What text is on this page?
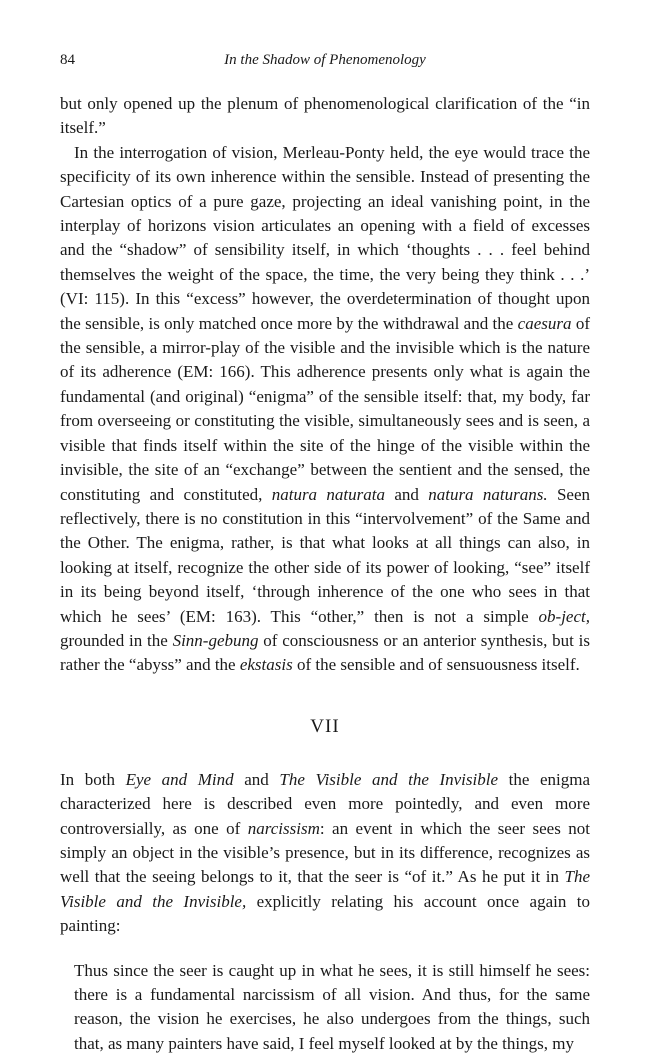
84	In the Shadow of Phenomenology

but only opened up the plenum of phenomenological clarification of the “in itself.”

In the interrogation of vision, Merleau-Ponty held, the eye would trace the specificity of its own inherence within the sensible. Instead of presenting the Cartesian optics of a pure gaze, projecting an ideal vanishing point, in the interplay of horizons vision articulates an opening with a field of excesses and the “shadow” of sensibility itself, in which ‘thoughts . . . feel behind themselves the weight of the space, the time, the very being they think . . .’ (VI: 115). In this “excess” however, the overdetermination of thought upon the sensible, is only matched once more by the withdrawal and the caesura of the sensible, a mirror-play of the visible and the invisible which is the nature of its adherence (EM: 166). This adherence presents only what is again the fundamental (and original) “enigma” of the sensible itself: that, my body, far from overseeing or constituting the visible, simultaneously sees and is seen, a visible that finds itself within the site of the hinge of the visible within the invisible, the site of an “exchange” between the sentient and the sensed, the constituting and constituted, natura naturata and natura naturans. Seen reflectively, there is no constitution in this “intervolvement” of the Same and the Other. The enigma, rather, is that what looks at all things can also, in looking at itself, recognize the other side of its power of looking, “see” itself in its being beyond itself, ‘through inherence of the one who sees in that which he sees’ (EM: 163). This “other,” then is not a simple ob-ject, grounded in the Sinn-gebung of consciousness or an anterior synthesis, but is rather the “abyss” and the ekstasis of the sensible and of sensuousness itself.

VII

In both Eye and Mind and The Visible and the Invisible the enigma characterized here is described even more pointedly, and even more controversially, as one of narcissism: an event in which the seer sees not simply an object in the visible’s presence, but in its difference, recognizes as well that the seeing belongs to it, that the seer is “of it.” As he put it in The Visible and the Invisible, explicitly relating his account once again to painting:

Thus since the seer is caught up in what he sees, it is still himself he sees: there is a fundamental narcissism of all vision. And thus, for the same reason, the vision he exercises, he also undergoes from the things, such that, as many painters have said, I feel myself looked at by the things, my
